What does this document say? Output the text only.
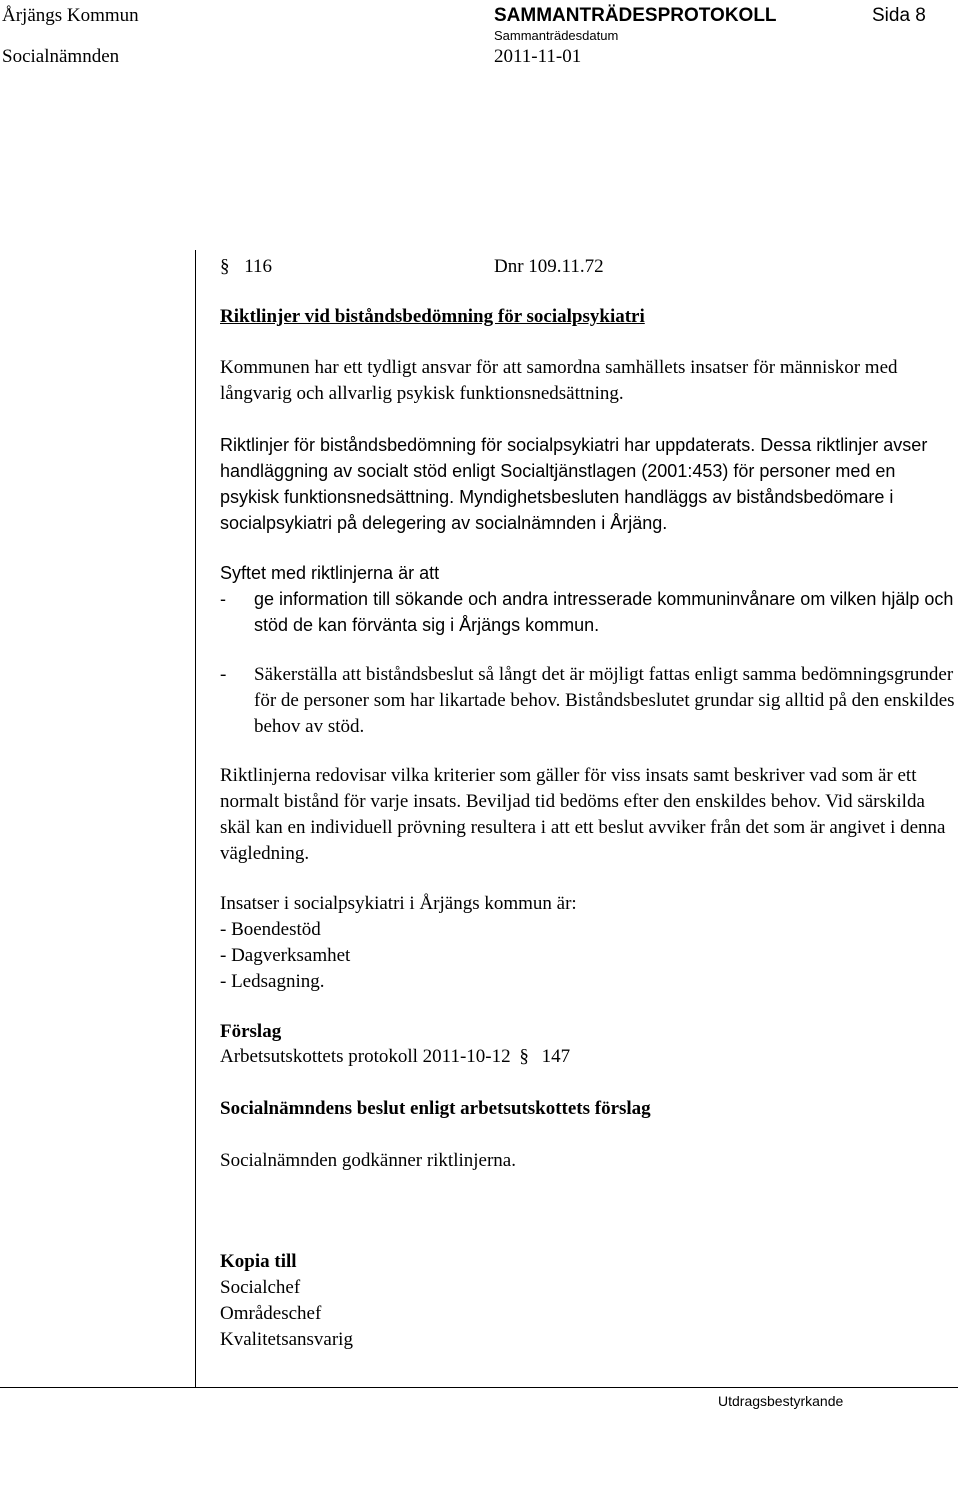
Årjängs Kommun	SAMMANTRÄDESPROTOKOLL	Sida 8
Sammanträdesdatum
Socialnämnden	2011-11-01
§ 116	Dnr 109.11.72
Riktlinjer vid biståndsbedömning för socialpsykiatri

Kommunen har ett tydligt ansvar för att samordna samhällets insatser för människor med långvarig och allvarlig psykisk funktionsnedsättning.

Riktlinjer för biståndsbedömning för socialpsykiatri har uppdaterats. Dessa riktlinjer avser handläggning av socialt stöd enligt Socialtjänstlagen (2001:453) för personer med en psykisk funktionsnedsättning. Myndighetsbesluten handläggs av biståndsbedömare i socialpsykiatri på delegering av socialnämnden i Årjäng.

Syftet med riktlinjerna är att

- ge information till sökande och andra intresserade kommuninvånare om vilken hjälp och stöd de kan förvänta sig i Årjängs kommun.
- Säkerställa att biståndsbeslut så långt det är möjligt fattas enligt samma bedömningsgrunder för de personer som har likartade behov. Biståndsbeslutet grundar sig alltid på den enskildes behov av stöd.

Riktlinjerna redovisar vilka kriterier som gäller för viss insats samt beskriver vad som är ett normalt bistånd för varje insats. Beviljad tid bedöms efter den enskildes behov. Vid särskilda skäl kan en individuell prövning resultera i att ett beslut avviker från det som är angivet i denna vägledning.

Insatser i socialpsykiatri i Årjängs kommun är:

- Boendestöd
- Dagverksamhet
- Ledsagning.
Förslag
Arbetsutskottets protokoll 2011-10-12 § 147
Socialnämndens beslut enligt arbetsutskottets förslag
Socialnämnden godkänner riktlinjerna.
Kopia till
Socialchef
Områdeschef
Kvalitetsansvarig
Utdragsbestyrkande
